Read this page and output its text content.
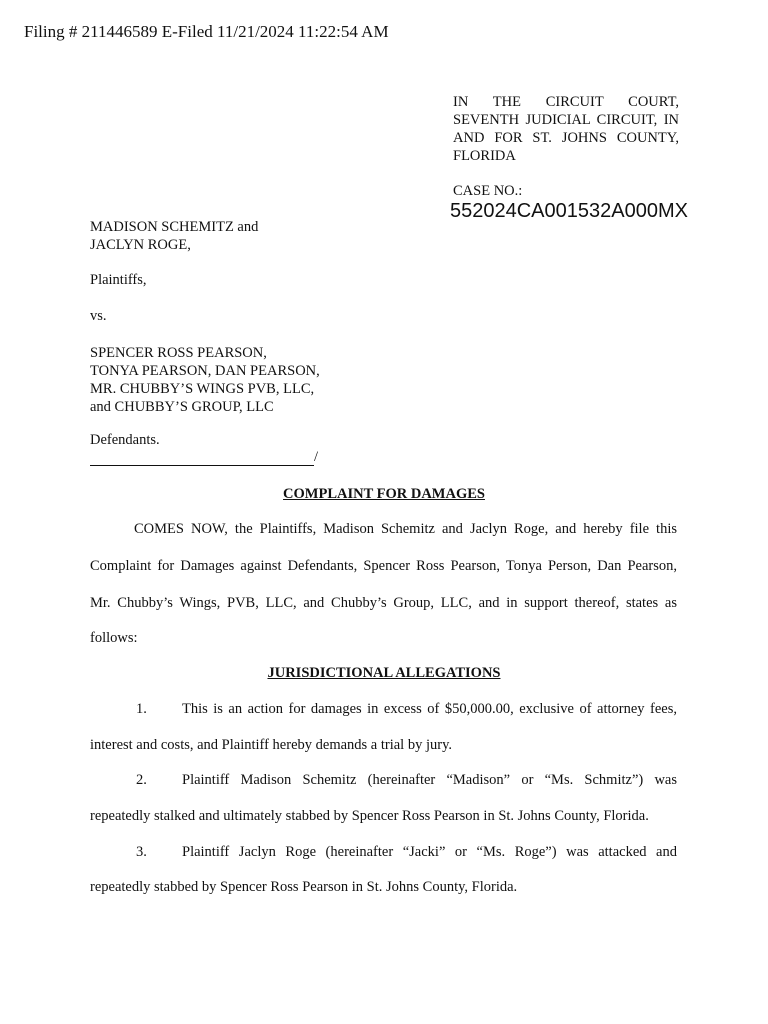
Filing # 211446589 E-Filed 11/21/2024 11:22:54 AM
IN THE CIRCUIT COURT,
SEVENTH JUDICIAL CIRCUIT, IN
AND FOR ST. JOHNS COUNTY,
FLORIDA
CASE NO.:
552024CA001532A000MX
MADISON SCHEMITZ and
JACLYN ROGE,
Plaintiffs,
vs.
SPENCER ROSS PEARSON,
TONYA PEARSON, DAN PEARSON,
MR. CHUBBY’S WINGS PVB, LLC,
and CHUBBY’S GROUP, LLC
Defendants.
/
COMPLAINT FOR DAMAGES
COMES NOW, the Plaintiffs, Madison Schemitz and Jaclyn Roge, and hereby file this
Complaint for Damages against Defendants, Spencer Ross Pearson, Tonya Person, Dan Pearson,
Mr. Chubby’s Wings, PVB, LLC, and Chubby’s Group, LLC, and in support thereof, states as
follows:
JURISDICTIONAL ALLEGATIONS
1. This is an action for damages in excess of $50,000.00, exclusive of attorney fees,
interest and costs, and Plaintiff hereby demands a trial by jury.
2. Plaintiff Madison Schemitz (hereinafter “Madison” or “Ms. Schmitz”) was
repeatedly stalked and ultimately stabbed by Spencer Ross Pearson in St. Johns County, Florida.
3. Plaintiff Jaclyn Roge (hereinafter “Jacki” or “Ms. Roge”) was attacked and
repeatedly stabbed by Spencer Ross Pearson in St. Johns County, Florida.
